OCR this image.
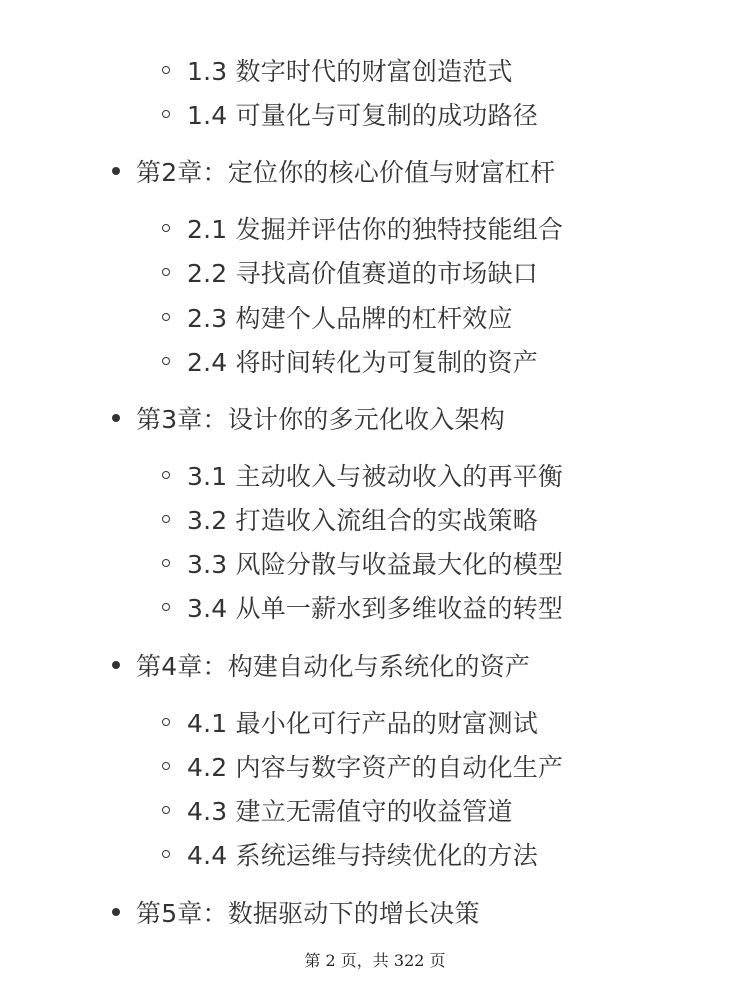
1.3 数字时代的财富创造范式
1.4 可量化与可复制的成功路径
第2章：定位你的核心价值与财富杠杆
2.1 发掘并评估你的独特技能组合
2.2 寻找高价值赛道的市场缺口
2.3 构建个人品牌的杠杆效应
2.4 将时间转化为可复制的资产
第3章：设计你的多元化收入架构
3.1 主动收入与被动收入的再平衡
3.2 打造收入流组合的实战策略
3.3 风险分散与收益最大化的模型
3.4 从单一薪水到多维收益的转型
第4章：构建自动化与系统化的资产
4.1 最小化可行产品的财富测试
4.2 内容与数字资产的自动化生产
4.3 建立无需值守的收益管道
4.4 系统运维与持续优化的方法
第5章：数据驱动下的增长决策
第 2 页，共 322 页
